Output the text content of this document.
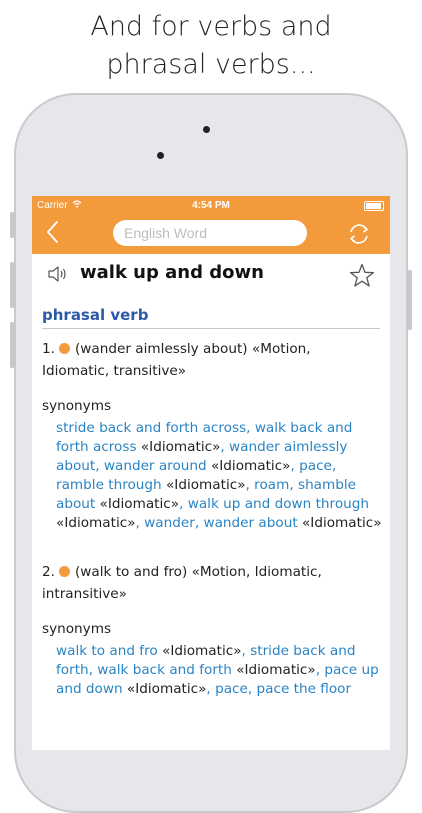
And for verbs and
phrasal verbs...
Carrier	4:54 PM
English Word
walk up and down
phrasal verb
1. (wander aimlessly about) «Motion, Idiomatic, transitive»
synonyms
stride back and forth across, walk back and forth across «Idiomatic», wander aimlessly about, wander around «Idiomatic», pace, ramble through «Idiomatic», roam, shamble about «Idiomatic», walk up and down through «Idiomatic», wander, wander about «Idiomatic»
2. (walk to and fro) «Motion, Idiomatic, intransitive»
synonyms
walk to and fro «Idiomatic», stride back and forth, walk back and forth «Idiomatic», pace up and down «Idiomatic», pace, pace the floor
